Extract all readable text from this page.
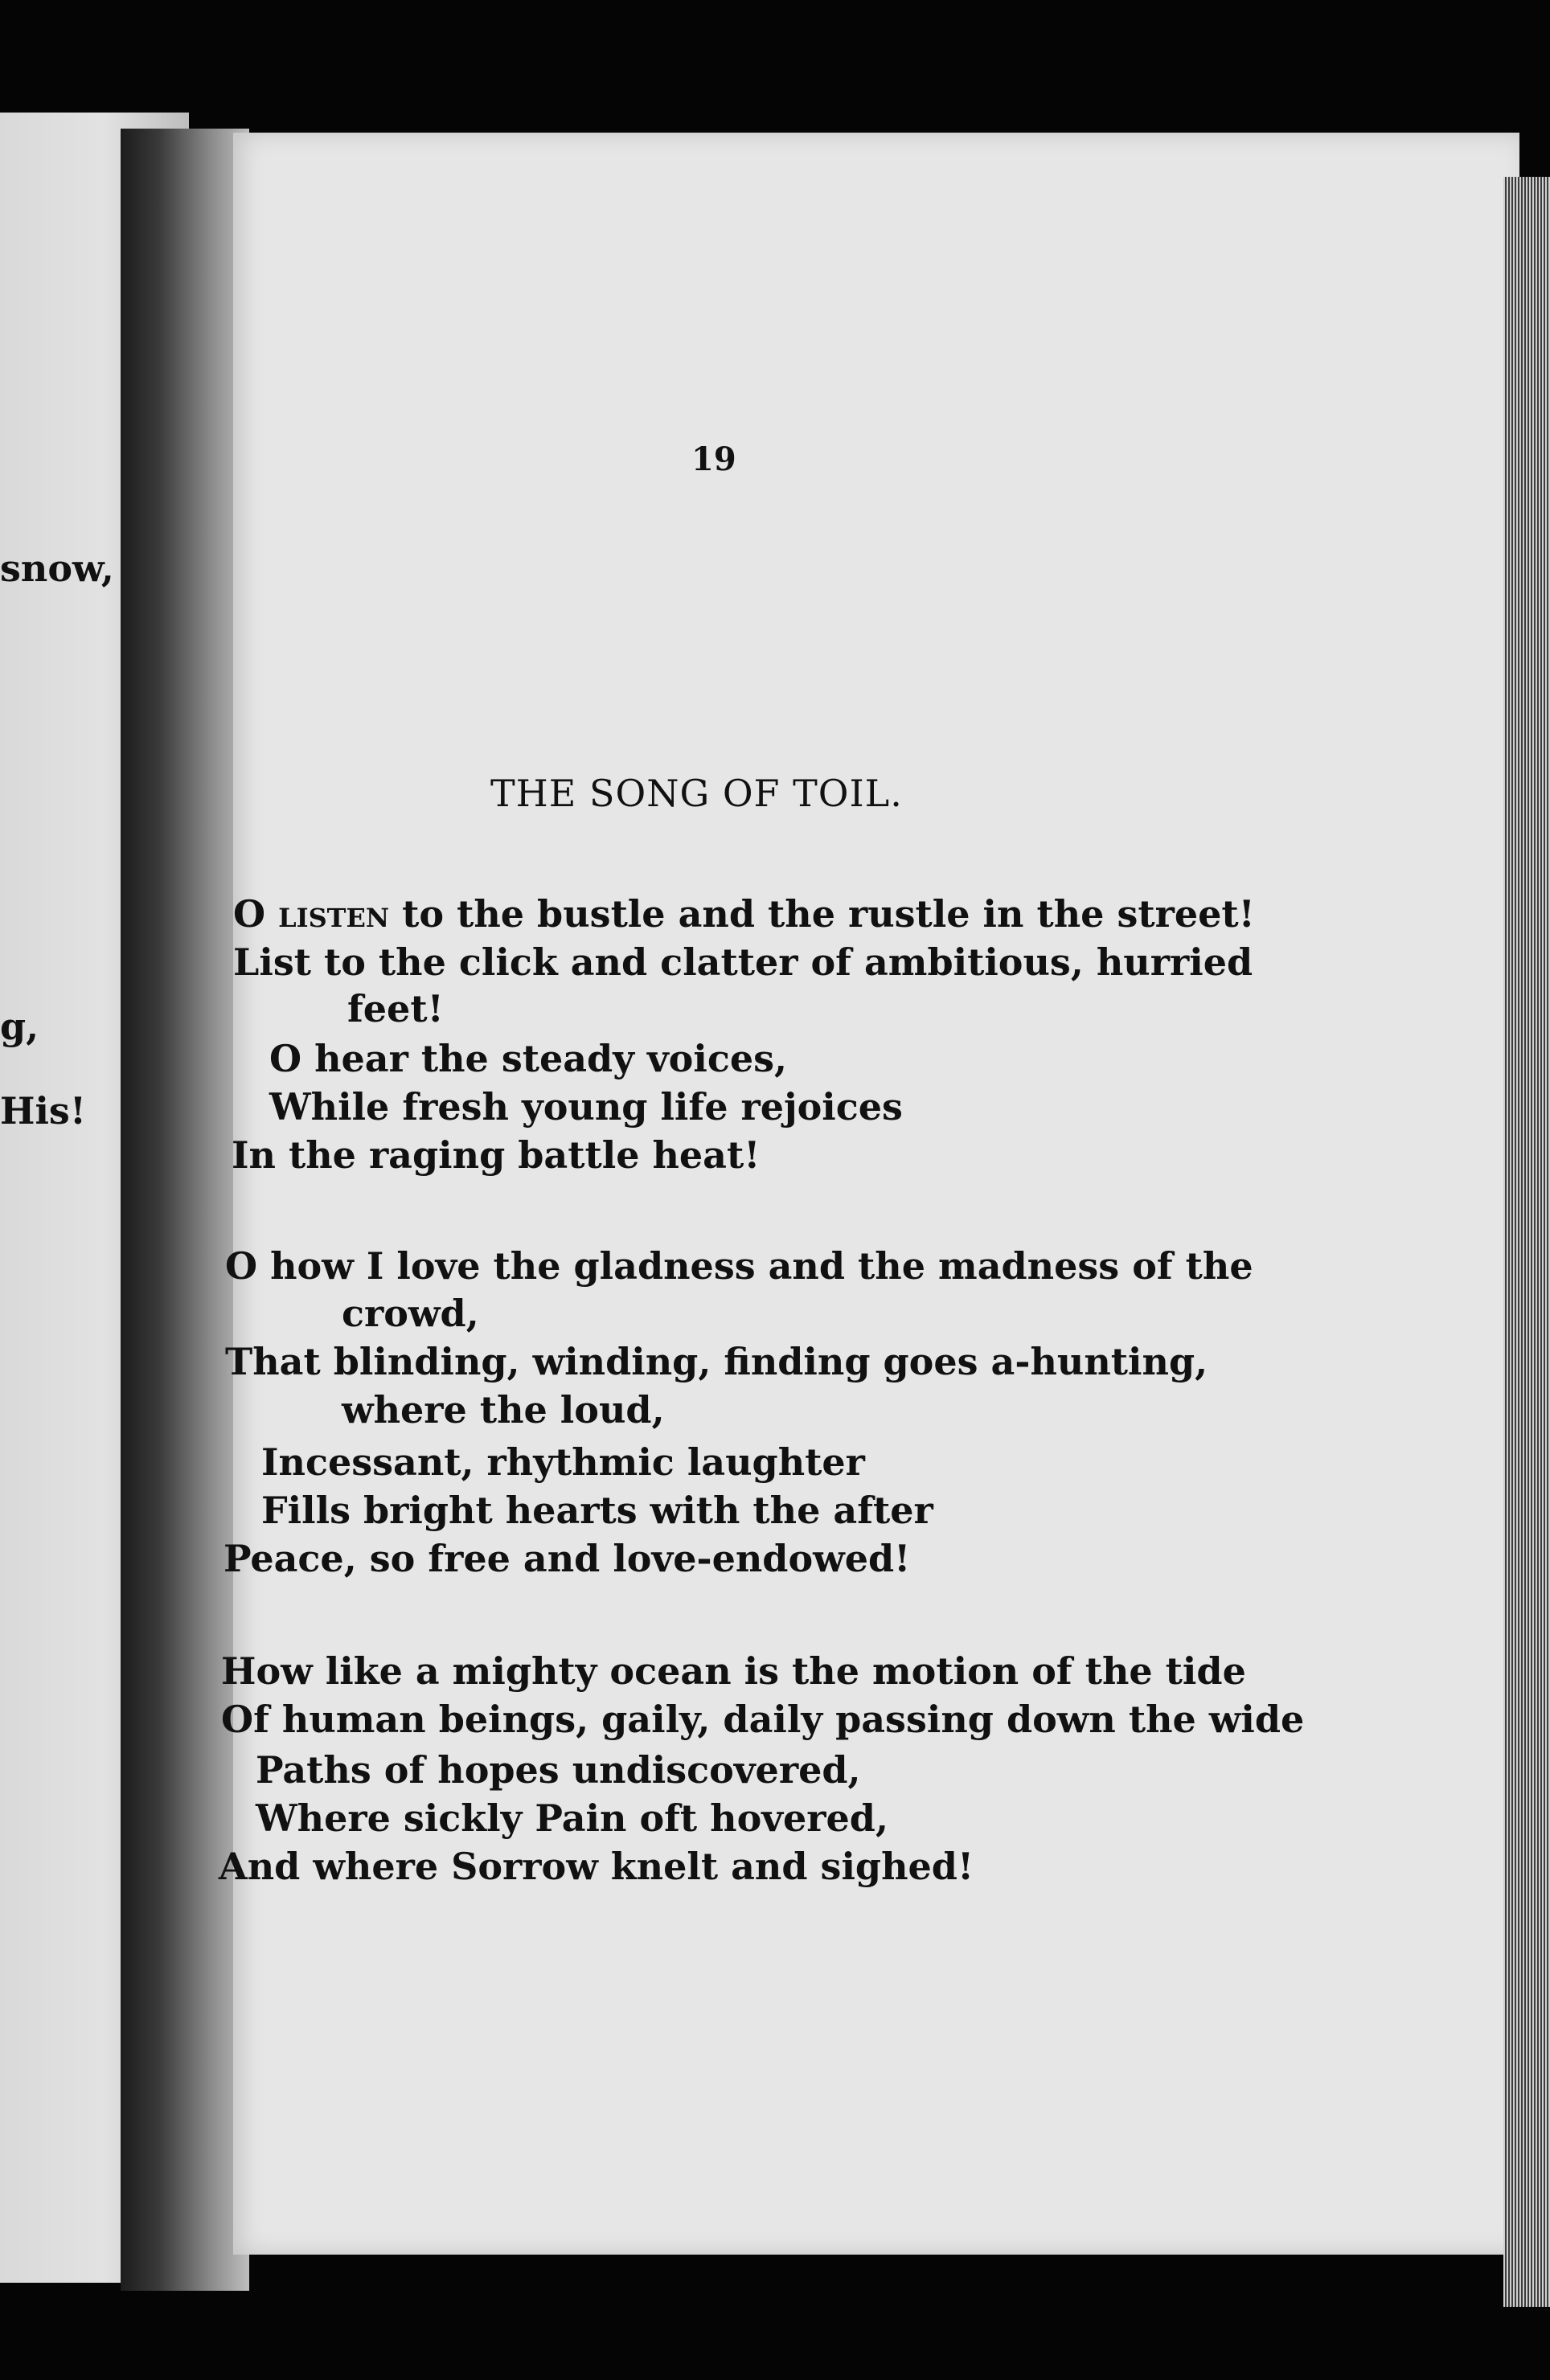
snow,
g,
His!
19
THE SONG OF TOIL.
O listen to the bustle and the rustle in the street!
List to the click and clatter of ambitious, hurried
feet!
O hear the steady voices,
While fresh young life rejoices
In the raging battle heat!
O how I love the gladness and the madness of the
crowd,
That blinding, winding, finding goes a-hunting,
where the loud,
Incessant, rhythmic laughter
Fills bright hearts with the after
Peace, so free and love-endowed!
How like a mighty ocean is the motion of the tide
Of human beings, gaily, daily passing down the wide
Paths of hopes undiscovered,
Where sickly Pain oft hovered,
And where Sorrow knelt and sighed!
